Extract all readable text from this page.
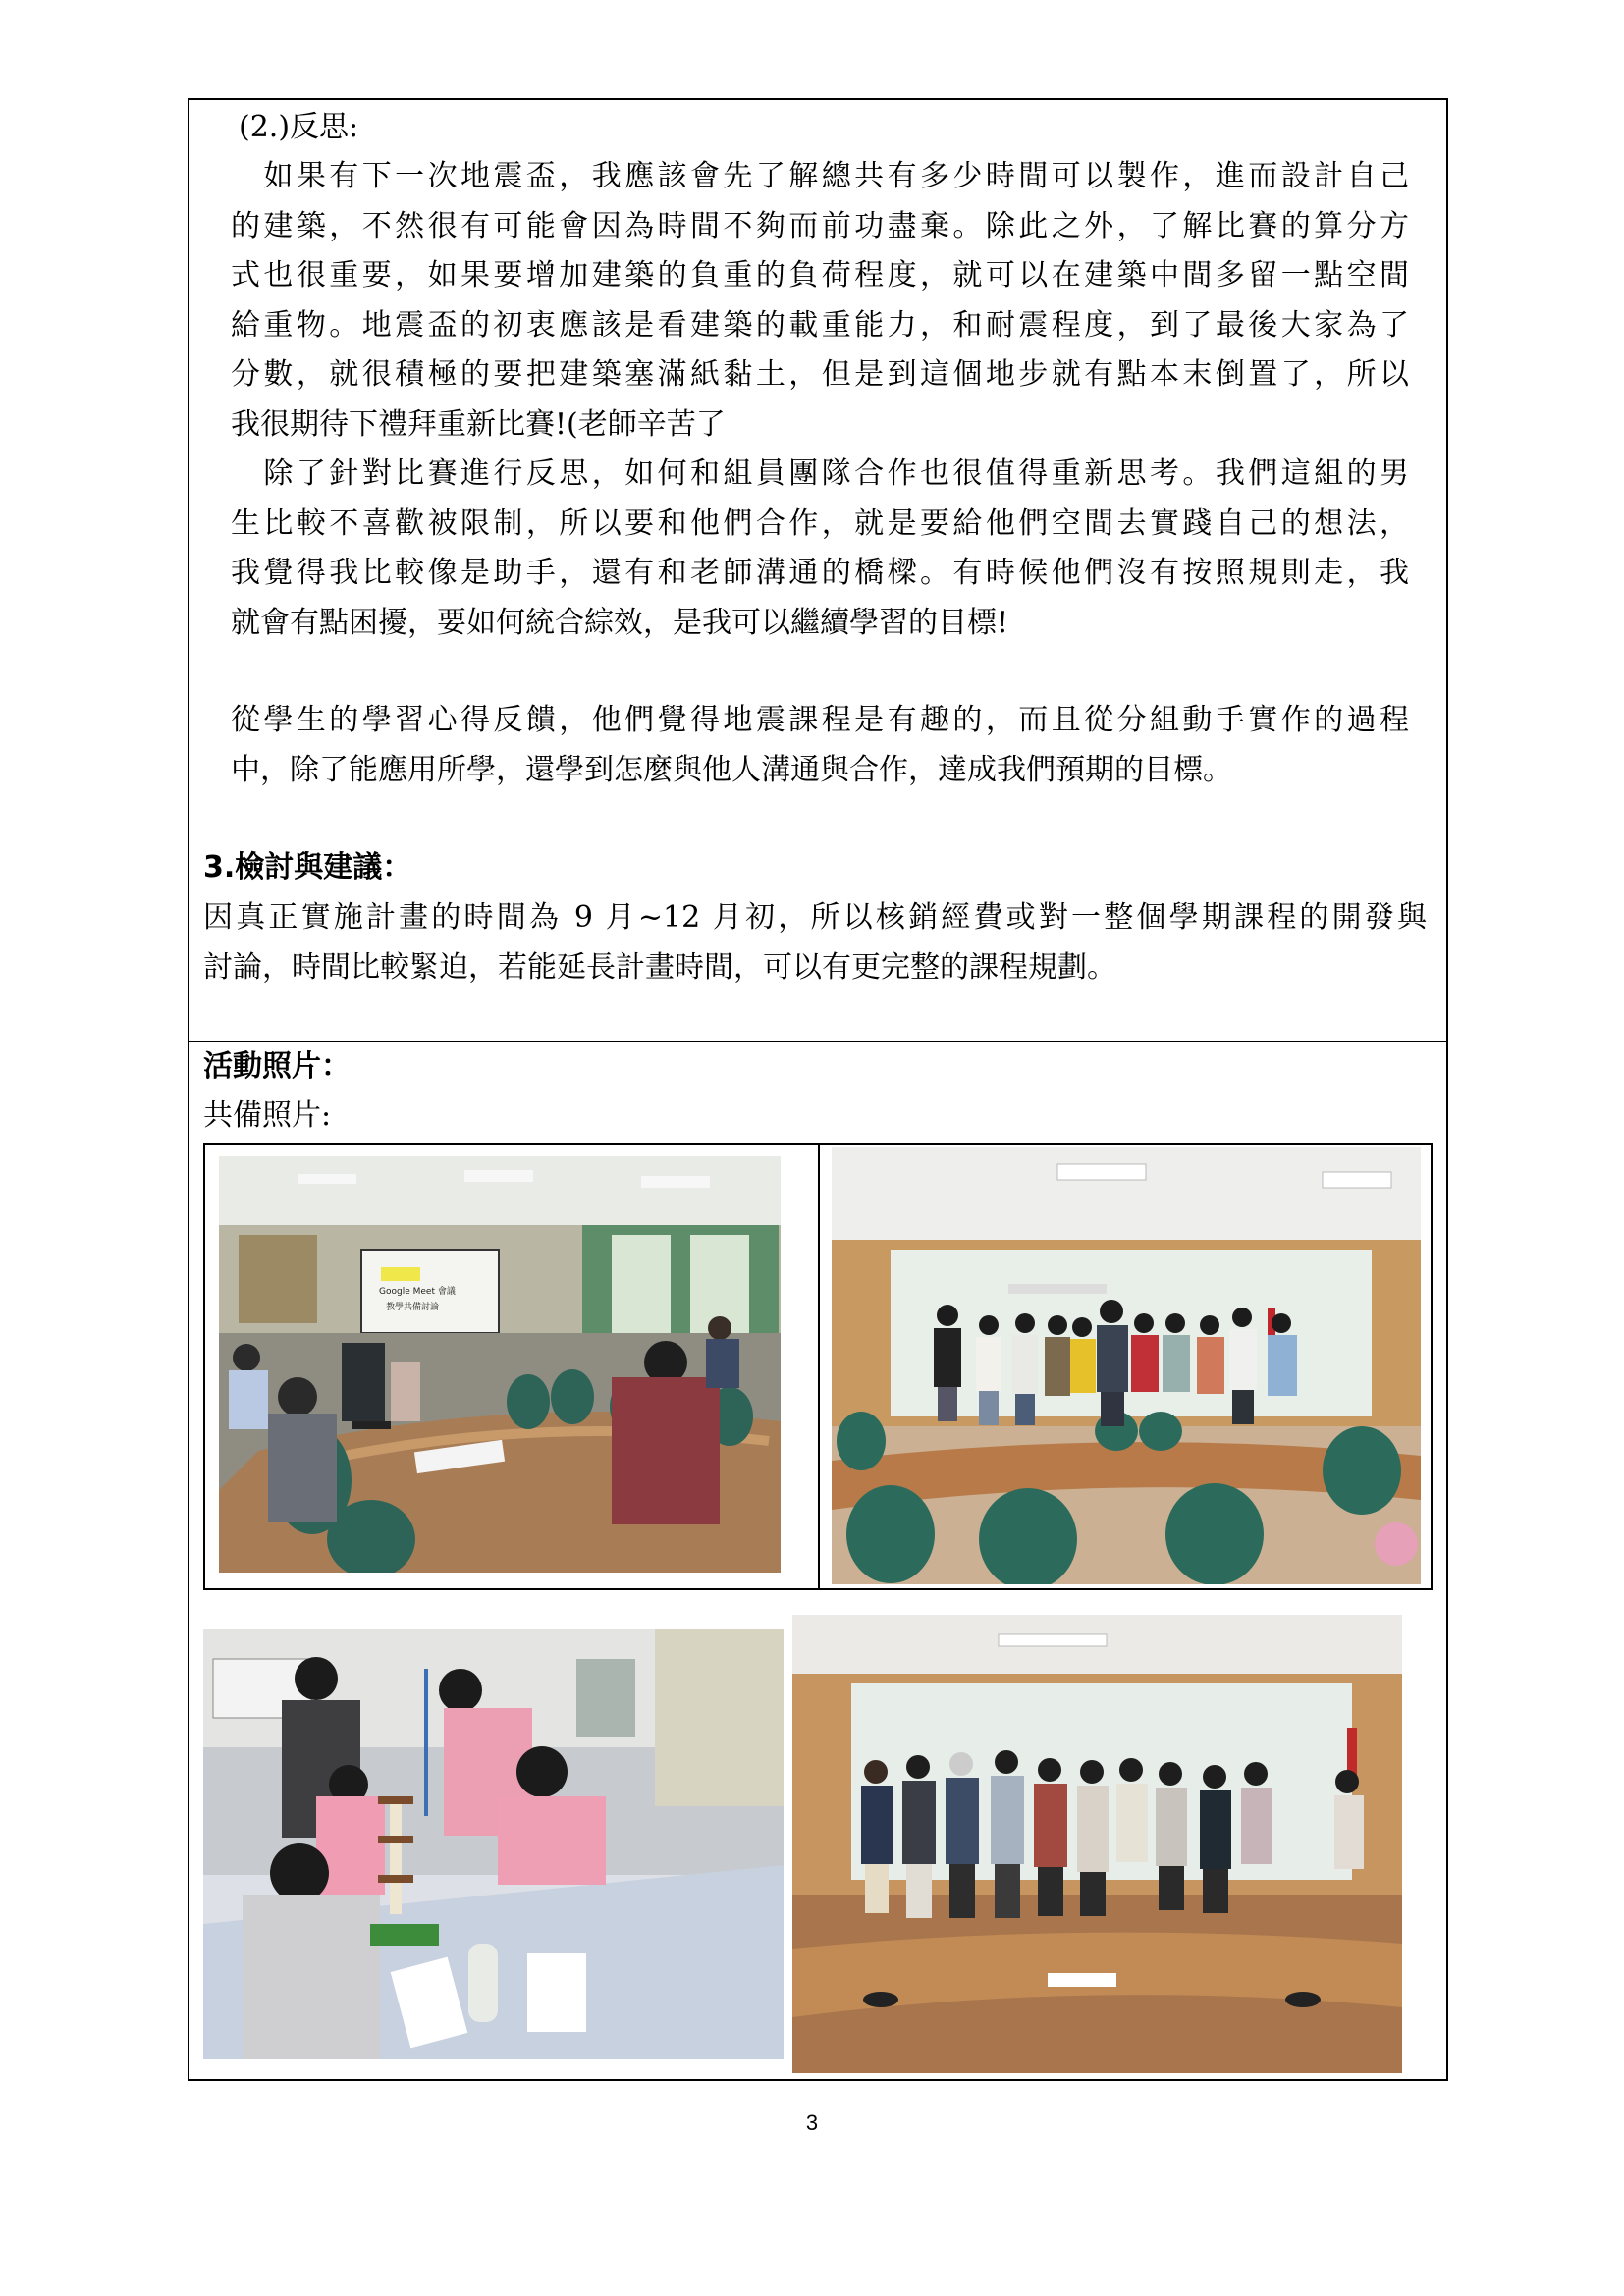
(2.)反思:
　如果有下一次地震盃，我應該會先了解總共有多少時間可以製作，進而設計自己
的建築，不然很有可能會因為時間不夠而前功盡棄。除此之外，了解比賽的算分方
式也很重要，如果要增加建築的負重的負荷程度，就可以在建築中間多留一點空間
給重物。地震盃的初衷應該是看建築的載重能力，和耐震程度，到了最後大家為了
分數，就很積極的要把建築塞滿紙黏土，但是到這個地步就有點本末倒置了，所以
我很期待下禮拜重新比賽!(老師辛苦了
　除了針對比賽進行反思，如何和組員團隊合作也很值得重新思考。我們這組的男
生比較不喜歡被限制，所以要和他們合作，就是要給他們空間去實踐自己的想法，
我覺得我比較像是助手，還有和老師溝通的橋樑。有時候他們沒有按照規則走，我
就會有點困擾，要如何統合綜效，是我可以繼續學習的目標!
從學生的學習心得反饋，他們覺得地震課程是有趣的，而且從分組動手實作的過程
中，除了能應用所學，還學到怎麼與他人溝通與合作，達成我們預期的目標。
3.檢討與建議：
因真正實施計畫的時間為 9 月~12 月初，所以核銷經費或對一整個學期課程的開發與
討論，時間比較緊迫，若能延長計畫時間，可以有更完整的課程規劃。
活動照片：
共備照片:
Google Meet 會議
教學共備討論
3
